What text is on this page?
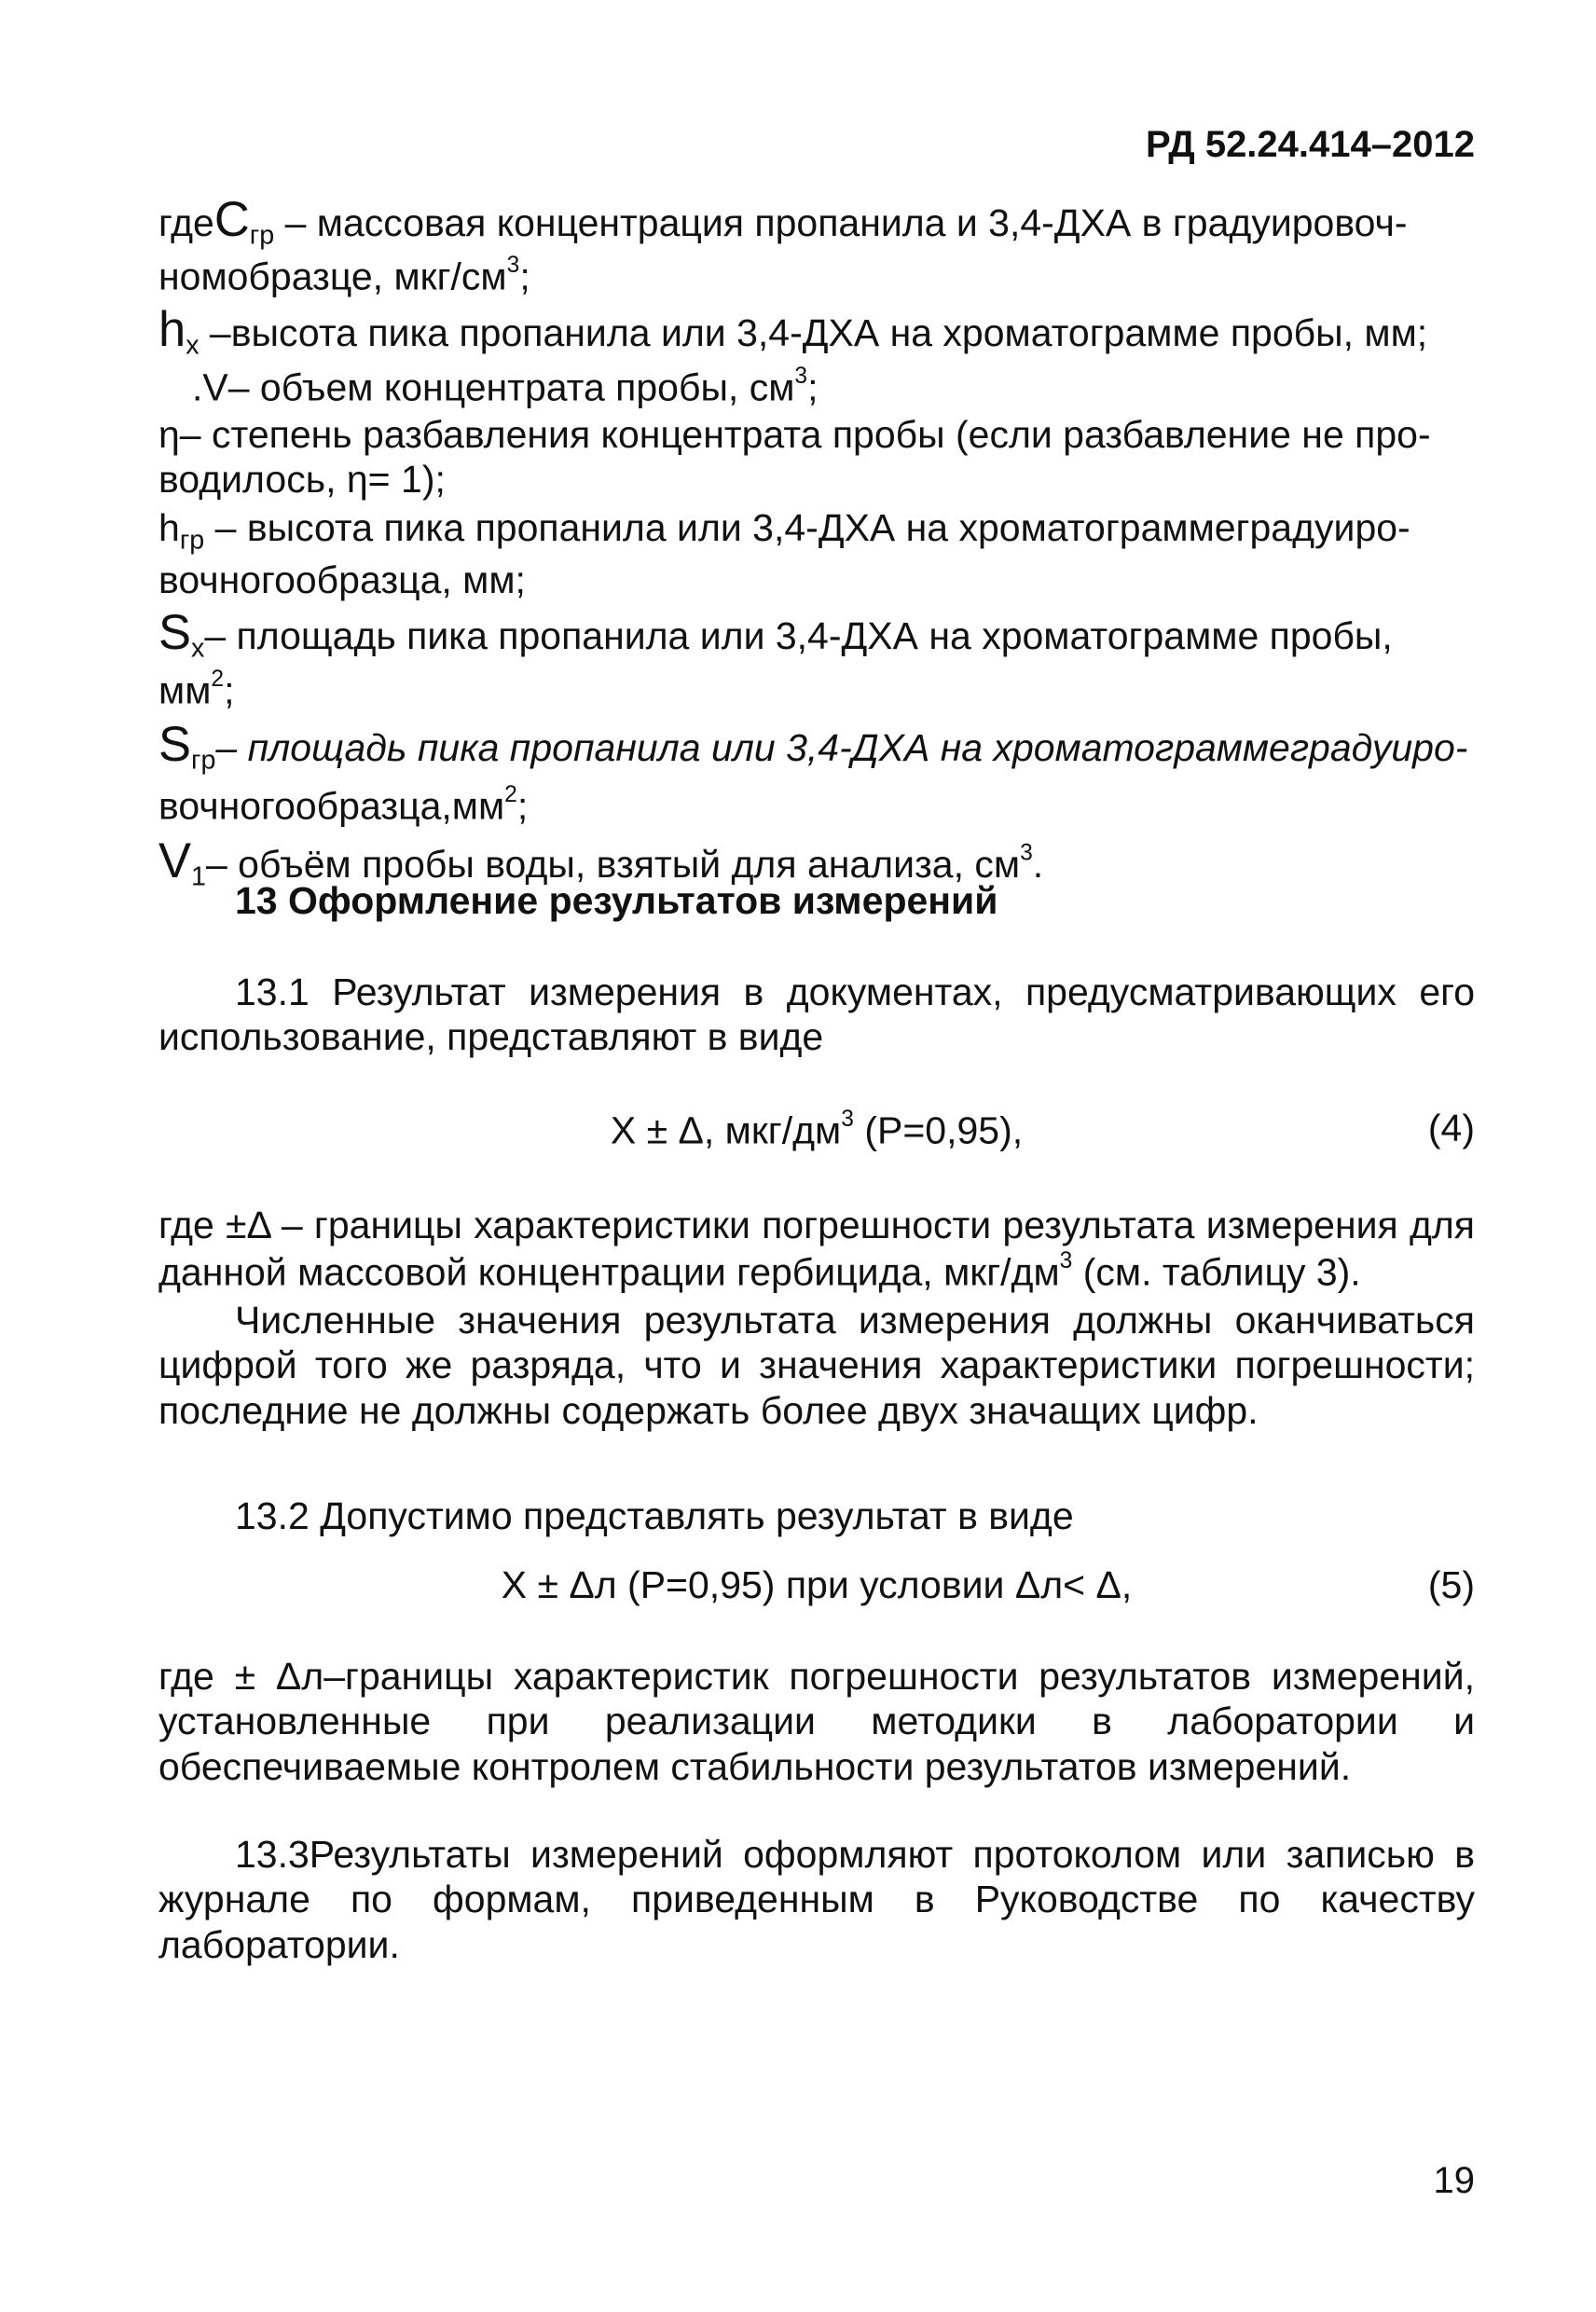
РД 52.24.414–2012
гдеC$_{гр}$ – массовая концентрация пропанила и 3,4-ДХА в градуировоч-
номобразце, мкг/$см^3$;
$h_x$ –высота пика пропанила или 3,4-ДХА на хроматограмме пробы, мм;
.V– объем концентрата пробы, $см^3$;
η– степень разбавления концентрата пробы (если разбавление не про-
водилось, η= 1);
$h_{гр}$ – высота пика пропанила или 3,4-ДХА на хроматограммеградуиро-
вочногообразца, мм;
$S_x-$ площадь пика пропанила или 3,4-ДХА на хроматограмме пробы,
$мм^2$;
$S_{гр}-$ площадь пика пропанила или 3,4-ДХА на хроматограммеградуиро-
$вочногообразца,мм^2$;
$V_1-$ объём пробы воды, взятый для анализа, $см^3$.
13 Оформление результатов измерений

13.1 Результат измерения в документах, предусматривающих его использование, представляют в виде

X ± Δ, мкг/$дм^3$ (Р=0,95),	(4)

где ±Δ – границы характеристики погрешности результата измерения для данной массовой концентрации гербицида, мкг/$дм^3$ (см. таблицу 3).

Численные значения результата измерения должны оканчиваться цифрой того же разряда, что и значения характеристики погрешности; последние не должны содержать более двух значащих цифр.

13.2 Допустимо представлять результат в виде

X ± Δл (Р=0,95) при условии Δл< Δ,	(5)

где ± Δл–границы характеристик погрешности результатов измерений, установленные при реализации методики в лаборатории и обеспечиваемые контролем стабильности результатов измерений.

13.3Результаты измерений оформляют протоколом или записью в журнале по формам, приведенным в Руководстве по качеству лаборатории.

19
